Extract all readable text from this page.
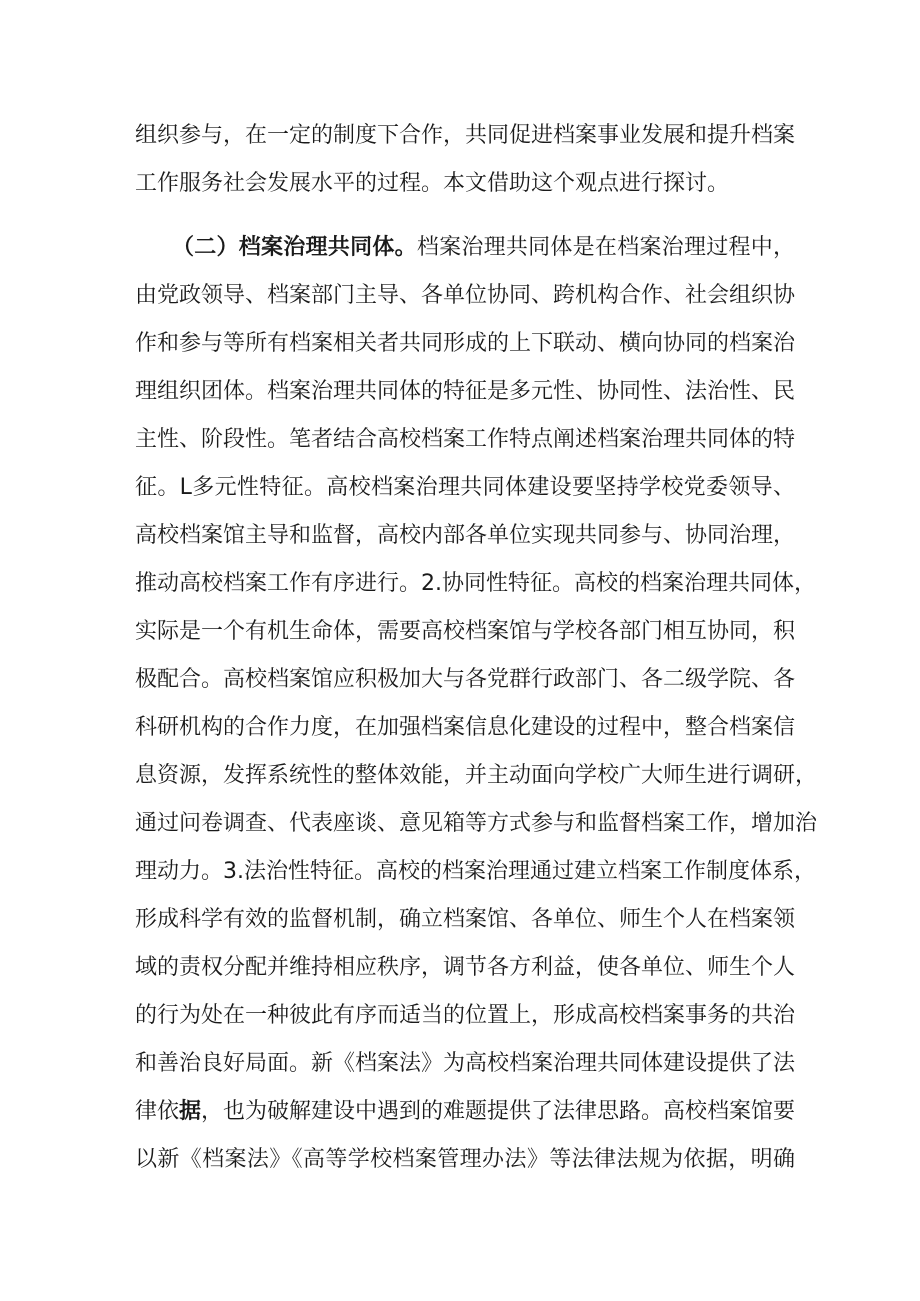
组织参与，在一定的制度下合作，共同促进档案事业发展和提升档案
工作服务社会发展水平的过程。本文借助这个观点进行探讨。
（二）档案治理共同体。档案治理共同体是在档案治理过程中，
由党政领导、档案部门主导、各单位协同、跨机构合作、社会组织协
作和参与等所有档案相关者共同形成的上下联动、横向协同的档案治
理组织团体。档案治理共同体的特征是多元性、协同性、法治性、民
主性、阶段性。笔者结合高校档案工作特点阐述档案治理共同体的特
征。L多元性特征。高校档案治理共同体建设要坚持学校党委领导、
高校档案馆主导和监督，高校内部各单位实现共同参与、协同治理，
推动高校档案工作有序进行。2.协同性特征。高校的档案治理共同体，
实际是一个有机生命体，需要高校档案馆与学校各部门相互协同，积
极配合。高校档案馆应积极加大与各党群行政部门、各二级学院、各
科研机构的合作力度，在加强档案信息化建设的过程中，整合档案信
息资源，发挥系统性的整体效能，并主动面向学校广大师生进行调研，
通过问卷调查、代表座谈、意见箱等方式参与和监督档案工作，增加治
理动力。3.法治性特征。高校的档案治理通过建立档案工作制度体系，
形成科学有效的监督机制，确立档案馆、各单位、师生个人在档案领
域的责权分配并维持相应秩序，调节各方利益，使各单位、师生个人
的行为处在一种彼此有序而适当的位置上，形成高校档案事务的共治
和善治良好局面。新《档案法》为高校档案治理共同体建设提供了法
律依据，也为破解建设中遇到的难题提供了法律思路。高校档案馆要
以新《档案法》《高等学校档案管理办法》等法律法规为依据，明确
